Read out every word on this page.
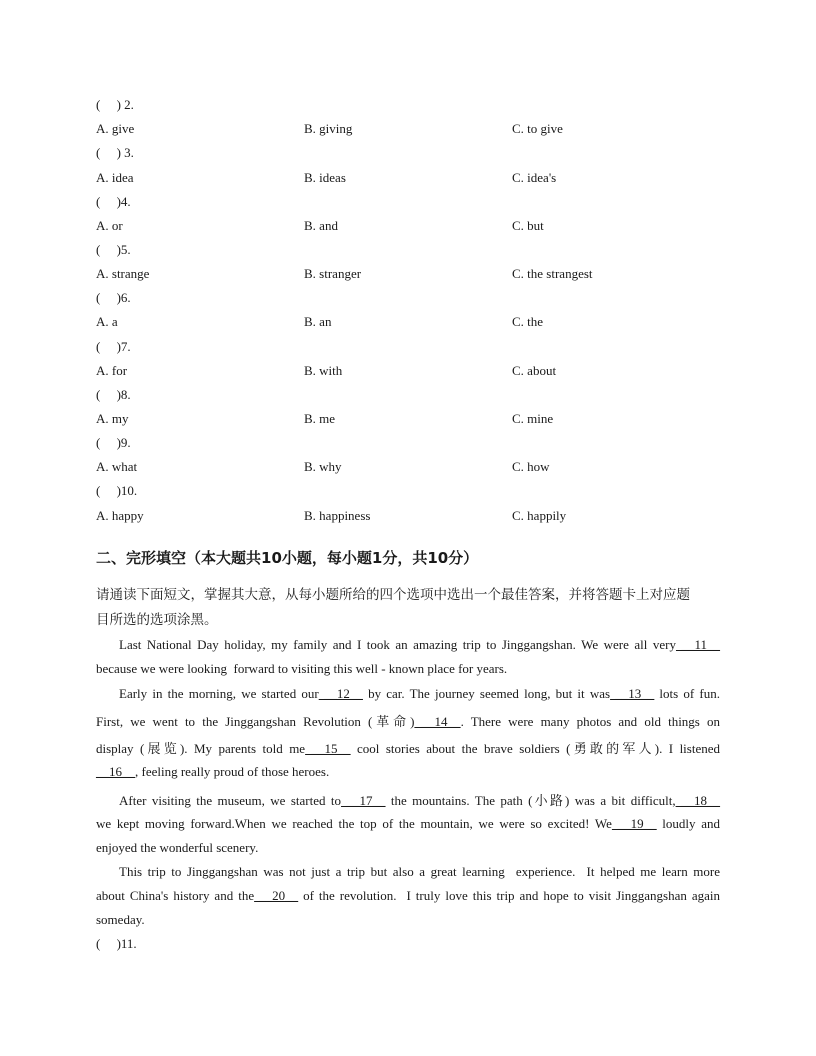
(     ) 2.
A. give	B. giving	C. to give
(     ) 3.
A. idea	B. ideas	C. idea's
(     )4.
A. or	B. and	C. but
(     )5.
A. strange	B. stranger	C. the strangest
(     )6.
A. a	B. an	C. the
(     )7.
A. for	B. with	C. about
(     )8.
A. my	B. me	C. mine
(     )9.
A. what	B. why	C. how
(     )10.
A. happy	B. happiness	C. happily
二、完形填空（本大题共10小题，每小题1分，共10分）
请通读下面短文，掌握其大意，从每小题所给的四个选项中选出一个最佳答案，并将答题卡上对应题
目所选的选项涂黑。
Last National Day holiday, my family and I took an amazing trip to Jinggangshan. We were all very __11__
because we were looking  forward to visiting this well - known place for years.
Early in the morning, we started our __12__ by car. The journey seemed long, but it was __13__ lots of fun.
First, we went to the Jinggangshan Revolution (革命) __14__. There were many photos and old things on
display (展览). My parents told me __15__ cool stories about the brave soldiers (勇敢的军人). I listened
__16__, feeling really proud of those heroes.
After visiting the museum, we started to __17__ the mountains. The path (小路) was a bit difficult, __18__
we kept moving forward.When we reached the top of the mountain, we were so excited! We __19__ loudly and
enjoyed the wonderful scenery.
This trip to Jinggangshan was not just a trip but also a great learning  experience.  It helped me learn more
about China's history and the __20__ of the revolution.  I truly love this trip and hope to visit Jinggangshan again
someday.
(     )11.
